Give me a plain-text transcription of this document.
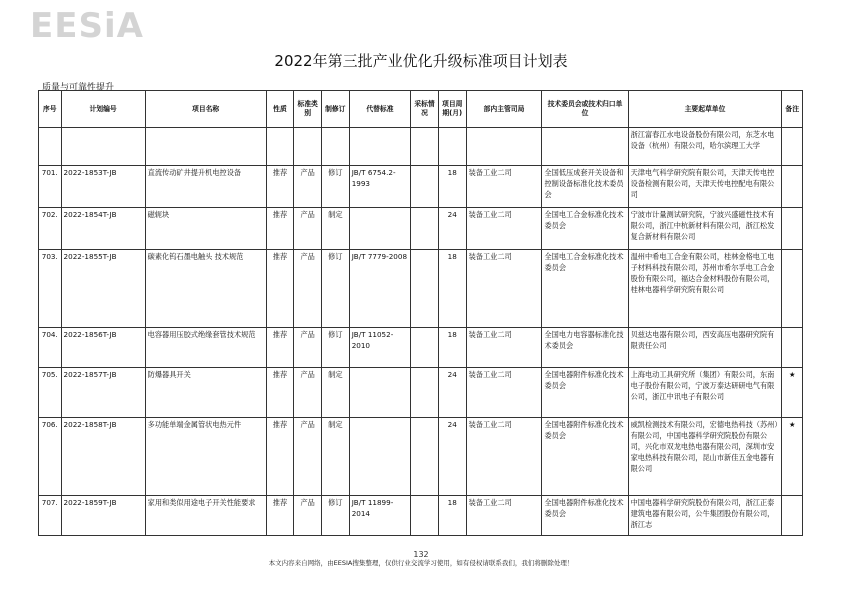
EESiA
2022年第三批产业优化升级标准项目计划表
质量与可靠性提升
序号	计划编号	项目名称	性质	标准类别	制修订	代替标准	采标情况	项目周期(月)	部内主管司局	技术委员会或技术归口单位	主要起草单位	备注
											浙江富春江水电设备股份有限公司，东芝水电设备（杭州）有限公司，哈尔滨理工大学	
701.	2022-1853T-JB	直流传动矿井提升机电控设备	推荐	产品	修订	JB/T 6754.2-1993		18	装备工业二司	全国低压成套开关设备和控制设备标准化技术委员会	天津电气科学研究院有限公司，天津天传电控设备检测有限公司，天津天传电控配电有限公司	
702.	2022-1854T-JB	磁轭块	推荐	产品	制定			24	装备工业二司	全国电工合金标准化技术委员会	宁波市计量测试研究院，宁波兴盛磁性技术有限公司，浙江中杭新材料有限公司，浙江松发复合新材料有限公司	
703.	2022-1855T-JB	碳素化钨石墨电触头 技术规范	推荐	产品	修订	JB/T 7779-2008		18	装备工业二司	全国电工合金标准化技术委员会	温州中希电工合金有限公司，桂林金格电工电子材料科技有限公司，苏州市希尔孚电工合金股份有限公司，福达合金材料股份有限公司，桂林电器科学研究院有限公司	
704.	2022-1856T-JB	电容器用压胶式绝缘套管技术规范	推荐	产品	修订	JB/T 11052-2010		18	装备工业二司	全国电力电容器标准化技术委员会	贝兹达电器有限公司，西安高压电器研究院有限责任公司	
705.	2022-1857T-JB	防爆器具开关	推荐	产品	制定			24	装备工业二司	全国电器附件标准化技术委员会	上海电动工具研究所（集团）有限公司，东南电子股份有限公司，宁波万泰达研研电气有限公司，浙江中讯电子有限公司	★
706.	2022-1858T-JB	多功能单端金属管状电热元件	推荐	产品	制定			24	装备工业二司	全国电器附件标准化技术委员会	威凯检测技术有限公司，宏德电热科技（苏州）有限公司，中国电器科学研究院股份有限公司，兴化市双龙电热电器有限公司，深圳市安家电热科技有限公司，昆山市新佳五金电器有限公司	★
707.	2022-1859T-JB	家用和类似用途电子开关性能要求	推荐	产品	修订	JB/T 11899-2014		18	装备工业二司	全国电器附件标准化技术委员会	中国电器科学研究院股份有限公司，浙江正泰建筑电器有限公司，公牛集团股份有限公司，浙江志	
132
本文内容来自网络，由EESIA搜集整理，仅供行业交流学习使用，如有侵权请联系我们，我们将删除处理！
